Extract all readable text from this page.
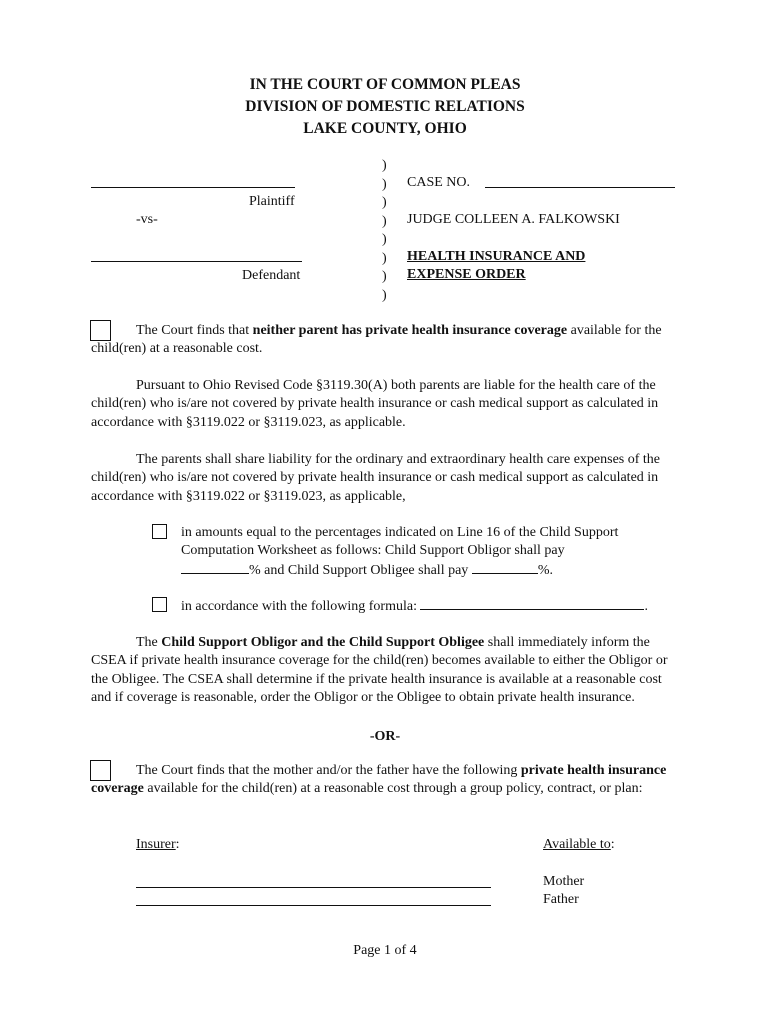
IN THE COURT OF COMMON PLEAS
DIVISION OF DOMESTIC RELATIONS
LAKE COUNTY, OHIO
Plaintiff
-vs-
Defendant
)
)
)
)
)
)
)
)
CASE NO.
JUDGE COLLEEN A. FALKOWSKI
HEALTH INSURANCE AND
EXPENSE ORDER

The Court finds that neither parent has private health insurance coverage available for the child(ren) at a reasonable cost.

Pursuant to Ohio Revised Code §3119.30(A) both parents are liable for the health care of the child(ren) who is/are not covered by private health insurance or cash medical support as calculated in accordance with §3119.022 or §3119.023, as applicable.

The parents shall share liability for the ordinary and extraordinary health care expenses of the child(ren) who is/are not covered by private health insurance or cash medical support as calculated in accordance with §3119.022 or §3119.023, as applicable,

in amounts equal to the percentages indicated on Line 16 of the Child Support
Computation Worksheet as follows: Child Support Obligor shall pay
% and Child Support Obligee shall pay	%.
in accordance with the following formula:	.

The Child Support Obligor and the Child Support Obligee shall immediately inform the CSEA if private health insurance coverage for the child(ren) becomes available to either the Obligor or the Obligee. The CSEA shall determine if the private health insurance is available at a reasonable cost and if coverage is reasonable, order the Obligor or the Obligee to obtain private health insurance.

-OR-

The Court finds that the mother and/or the father have the following private health insurance coverage available for the child(ren) at a reasonable cost through a group policy, contract, or plan:

Insurer:	Available to:
Mother
Father
Page 1 of 4
